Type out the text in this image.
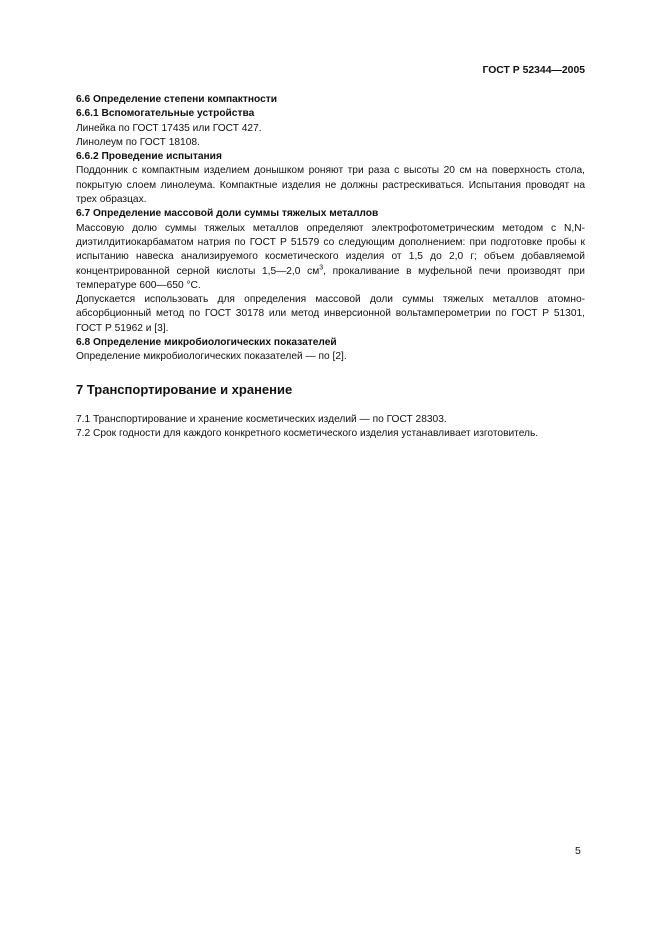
ГОСТ Р 52344—2005

6.6 Определение степени компактности

6.6.1 Вспомогательные устройства

Линейка по ГОСТ 17435 или ГОСТ 427.

Линолеум по ГОСТ 18108.

6.6.2 Проведение испытания

Поддонник с компактным изделием донышком роняют три раза с высоты 20 см на поверхность стола, покрытую слоем линолеума. Компактные изделия не должны растрескиваться. Испытания проводят на трех образцах.

6.7 Определение массовой доли суммы тяжелых металлов

Массовую долю суммы тяжелых металлов определяют электрофотометрическим методом с N,N-диэтилдитиокарбаматом натрия по ГОСТ Р 51579 со следующим дополнением: при подготовке пробы к испытанию навеска анализируемого косметического изделия от 1,5 до 2,0 г; объем добавляемой концентрированной серной кислоты 1,5—2,0 $см^3$, прокаливание в муфельной печи производят при температуре 600—650 °С.

Допускается использовать для определения массовой доли суммы тяжелых металлов атомно-абсорбционный метод по ГОСТ 30178 или метод инверсионной вольтамперометрии по ГОСТ Р 51301, ГОСТ Р 51962 и [3].

6.8 Определение микробиологических показателей

Определение микробиологических показателей — по [2].

7 Транспортирование и хранение

7.1 Транспортирование и хранение косметических изделий — по ГОСТ 28303.

7.2 Срок годности для каждого конкретного косметического изделия устанавливает изготовитель.

5
